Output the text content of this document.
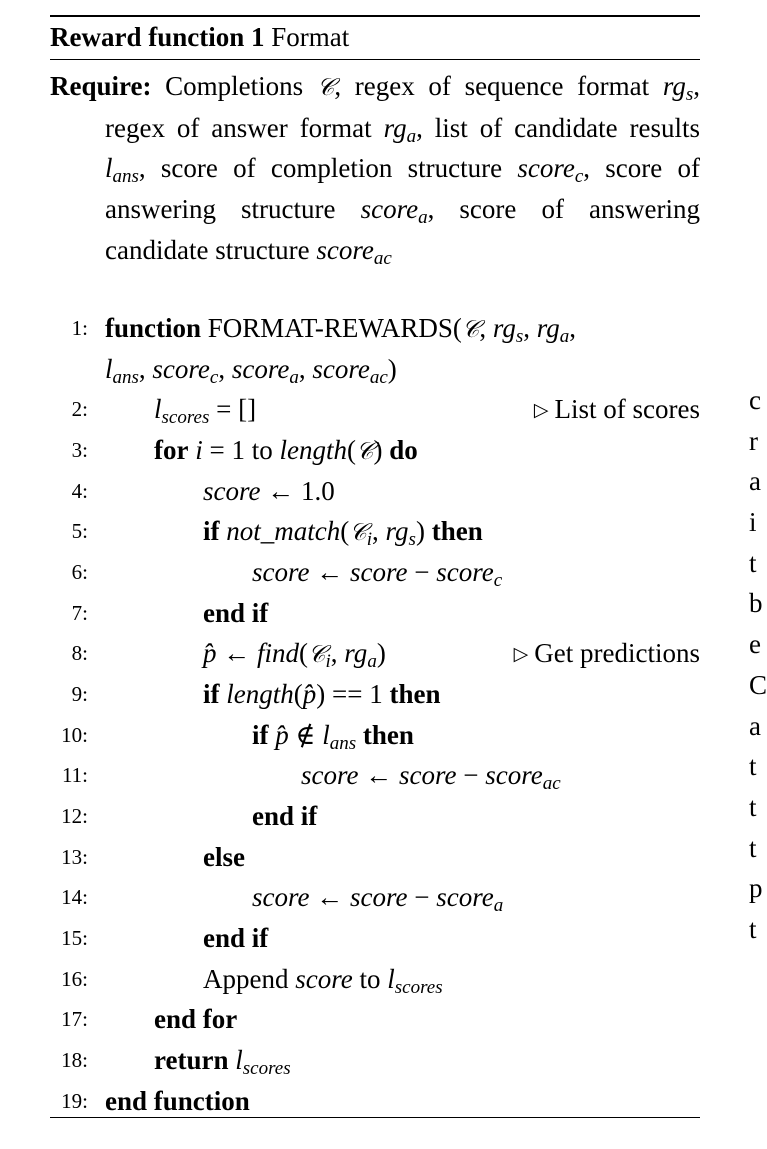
Reward function 1 Format
Require: Completions 𝒞, regex of sequence format $rg_s$, regex of answer format $rg_a$, list of candidate results $l_{ans}$, score of completion structure score$_c$, score of answering structure score$_a$, score of answering candidate structure score$_{ac}$
1: function FORMAT-REWARDS(𝒞, $rg_s$, $rg_a$,
$l_{ans}$, score$_c$, score$_a$, score$_{ac}$)
2:	$l_{scores}$ = []	▷ List of scores
3:	for i = 1 to length(𝒞) do
4:	score ← 1.0
5:	if not_match(𝒞$_i$, $rg_s$) then
6:	score ← score − score$_c$
7:	end if
8:	p̂ ← find(𝒞$_i$, $rg_a$)	▷ Get predictions
9:	if length(p̂) == 1 then
10:	if p̂ ∉ $l_{ans}$ then
11:	score ← score − score$_{ac}$
12:	end if
13:	else
14:	score ← score − score$_a$
15:	end if
16:	Append score to $l_{scores}$
17:	end for
18:	return $l_{scores}$
19: end function
c
r
a
i
t
b
e
C
a
t
t
t
p
t
